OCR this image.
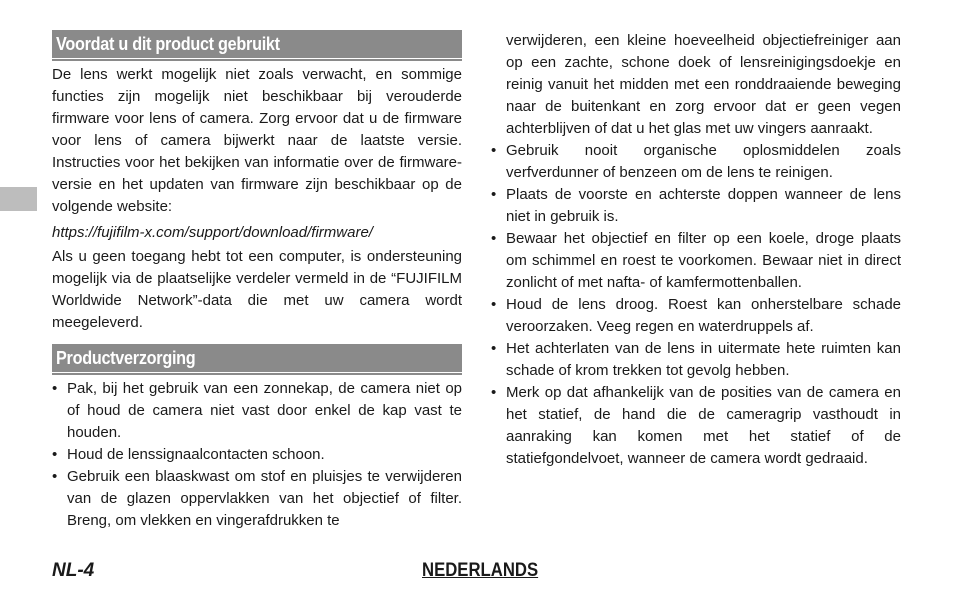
Voordat u dit product gebruikt

De lens werkt mogelijk niet zoals verwacht, en sommige functies zijn mogelijk niet beschikbaar bij verouderde firmware voor lens of camera. Zorg ervoor dat u de firmware voor lens of camera bijwerkt naar de laatste versie. Instructies voor het bekijken van informatie over de firmware-versie en het updaten van firmware zijn beschikbaar op de volgende website:

https://fujifilm-x.com/support/download/firmware/

Als u geen toegang hebt tot een computer, is ondersteuning mogelijk via de plaatselijke verdeler vermeld in de “FUJIFILM Worldwide Network”-data die met uw camera wordt meegeleverd.

Productverzorging
• Pak, bij het gebruik van een zonnekap, de camera niet op of houd de camera niet vast door enkel de kap vast te houden.
• Houd de lenssignaalcontacten schoon.
• Gebruik een blaaskwast om stof en pluisjes te verwijderen van de glazen oppervlakken van het objectief of filter. Breng, om vlekken en vingerafdrukken te

verwijderen, een kleine hoeveelheid objectiefreiniger aan op een zachte, schone doek of lensreinigingsdoekje en reinig vanuit het midden met een ronddraaiende beweging naar de buitenkant en zorg ervoor dat er geen vegen achterblijven of dat u het glas met uw vingers aanraakt.

• Gebruik nooit organische oplosmiddelen zoals verfverdunner of benzeen om de lens te reinigen.
• Plaats de voorste en achterste doppen wanneer de lens niet in gebruik is.
• Bewaar het objectief en filter op een koele, droge plaats om schimmel en roest te voorkomen. Bewaar niet in direct zonlicht of met nafta- of kamfermottenballen.
• Houd de lens droog. Roest kan onherstelbare schade veroorzaken. Veeg regen en waterdruppels af.
• Het achterlaten van de lens in uitermate hete ruimten kan schade of krom trekken tot gevolg hebben.
• Merk op dat afhankelijk van de posities van de camera en het statief, de hand die de cameragrip vasthoudt in aanraking kan komen met het statief of de statiefgondelvoet, wanneer de camera wordt gedraaid.
NL-4	NEDERLANDS
